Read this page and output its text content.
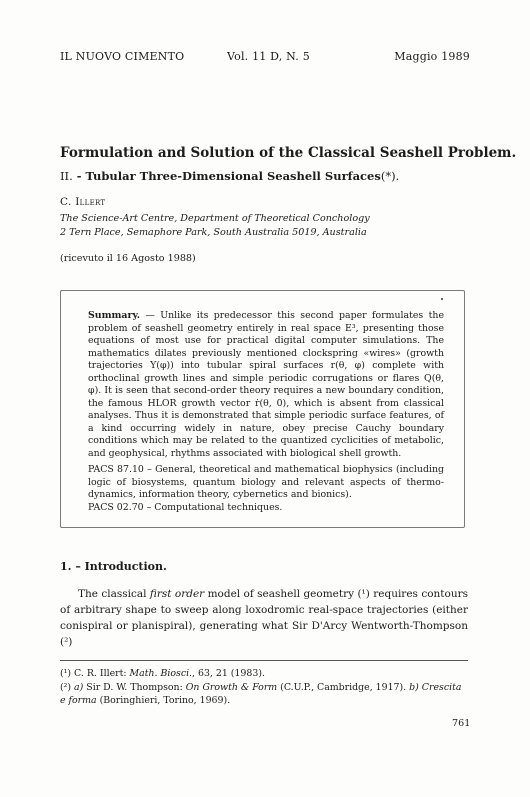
IL NUOVO CIMENTO	Vol. 11 D, N. 5	Maggio 1989
Formulation and Solution of the Classical Seashell Problem.
II. - Tubular Three-Dimensional Seashell Surfaces(*).
C. Illert
The Science-Art Centre, Department of Theoretical Conchology
2 Tern Place, Semaphore Park, South Australia 5019, Australia
(ricevuto il 16 Agosto 1988)
Summary. — Unlike its predecessor this second paper formulates the problem of seashell geometry entirely in real space E³, presenting those equations of most use for practical digital computer simulations. The mathematics dilates previously mentioned clockspring «wires» (growth trajectories Y(φ)) into tubular spiral surfaces r(θ, φ) complete with orthoclinal growth lines and simple periodic corrugations or flares Q(θ, φ). It is seen that second-order theory requires a new boundary condition, the famous HLOR growth vector ṙ(θ, 0), which is absent from classical analyses. Thus it is demonstrated that simple periodic surface features, of a kind occurring widely in nature, obey precise Cauchy boundary conditions which may be related to the quantized cyclicities of metabolic, and geophysical, rhythms associated with biological shell growth.
PACS 87.10 – General, theoretical and mathematical biophysics (including logic of biosystems, quantum biology and relevant aspects of thermo-dynamics, information theory, cybernetics and bionics).
PACS 02.70 – Computational techniques.
1. – Introduction.
The classical first order model of seashell geometry (¹) requires contours of arbitrary shape to sweep along loxodromic real-space trajectories (either conispiral or planispiral), generating what Sir D'Arcy Wentworth-Thompson (²)
(¹) C. R. Illert: Math. Biosci., 63, 21 (1983).
(²) a) Sir D. W. Thompson: On Growth & Form (C.U.P., Cambridge, 1917). b) Crescita e forma (Boringhieri, Torino, 1969).
761
